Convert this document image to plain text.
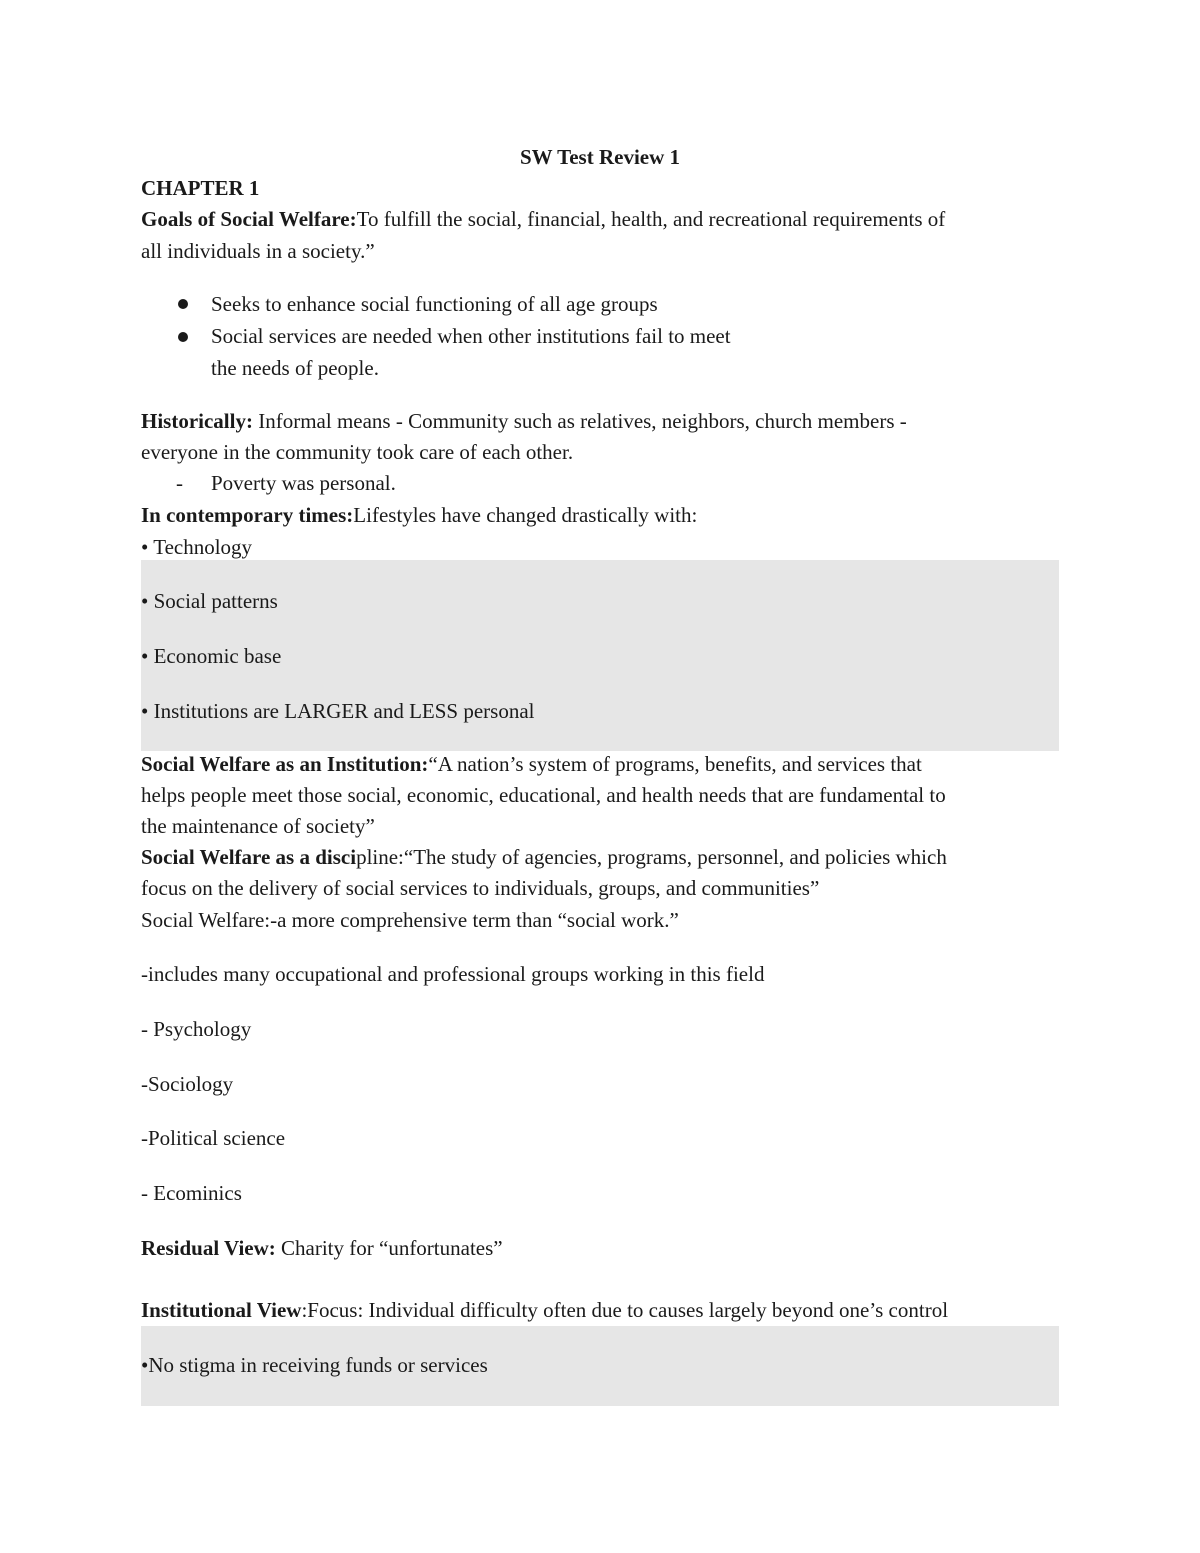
SW Test Review 1
CHAPTER 1
Goals of Social Welfare:To fulfill the social, financial, health, and recreational requirements of
all individuals in a society.”
Seeks to enhance social functioning of all age groups
Social services are needed when other institutions fail to meet
the needs of people.
Historically: Informal means - Community such as relatives, neighbors, church members -
everyone in the community took care of each other.
- Poverty was personal.
In contemporary times:Lifestyles have changed drastically with:
• Technology
• Social patterns
• Economic base
• Institutions are LARGER and LESS personal
Social Welfare as an Institution:“A nation’s system of programs, benefits, and services that
helps people meet those social, economic, educational, and health needs that are fundamental to
the maintenance of society”
Social Welfare as a discipline:“The study of agencies, programs, personnel, and policies which
focus on the delivery of social services to individuals, groups, and communities”
Social Welfare:-a more comprehensive term than “social work.”
-includes many occupational and professional groups working in this field
- Psychology
-Sociology
-Political science
- Ecominics
Residual View: Charity for “unfortunates”
Institutional View:Focus: Individual difficulty often due to causes largely beyond one’s control
•No stigma in receiving funds or services
